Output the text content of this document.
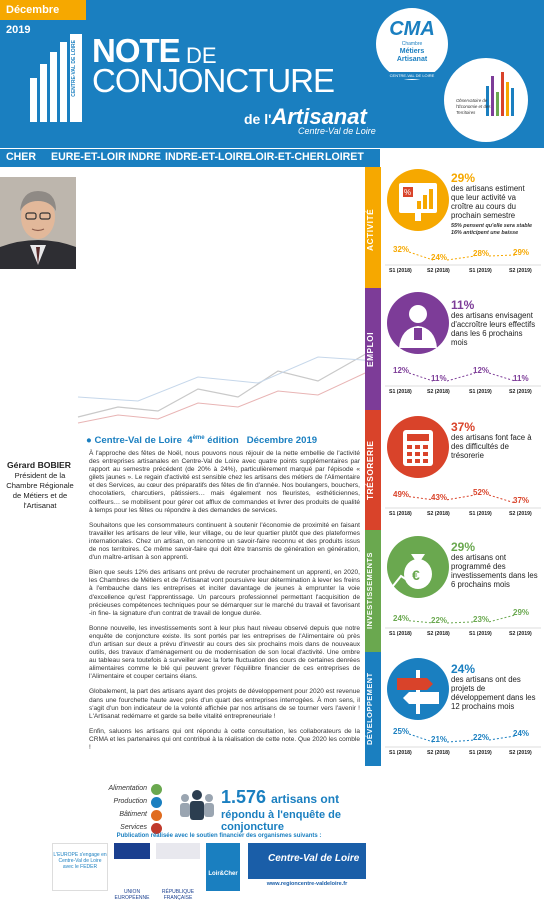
Décembre 2019
CENTRE-VAL DE LOIRE NOTE DE
CONJONCTURE
de l'Artisanat
Centre-Val de Loire
CMA
Chambre
Métiers
Artisanat
CENTRE-VAL DE LOIRE
Observatoire de l'Économie et des Territoires
CHER EURE-ET-LOIR INDRE INDRE-ET-LOIRE
LOIR-ET-CHER LOIRET
Gérard BOBIER
Président de la Chambre Régionale de Métiers et de l'Artisanat
● Centre-Val de Loire 4ème édition Décembre 2019

À l'approche des fêtes de Noël, nous pouvons nous réjouir de la nette embellie de l'activité des entreprises artisanales en Centre-Val de Loire avec quatre points supplémentaires par rapport au semestre précédent (de 20% à 24%), particulièrement marqué par l'épisode « gilets jaunes ». Le regain d'activité est sensible chez les artisans des métiers de l'Alimentaire et des Services, au cœur des préparatifs des fêtes de fin d'année. Nos boulangers, bouchers, chocolatiers, charcutiers, pâtissiers… mais également nos fleuristes, esthéticiennes, coiffeurs… se mobilisent pour gérer cet afflux de commandes et livrer des produits de qualité à temps pour les fêtes ou répondre à des demandes de services.

Souhaitons que les consommateurs continuent à soutenir l'économie de proximité en faisant travailler les artisans de leur ville, leur village, ou de leur quartier plutôt que des plateformes internationales. Chez un artisan, on rencontre un savoir-faire reconnu et des produits issus de nos territoires. Ce même savoir-faire qui doit être transmis de génération en génération, d'un maître-artisan à son apprenti.

Bien que seuls 12% des artisans ont prévu de recruter prochainement un apprenti, en 2020, les Chambres de Métiers et de l'Artisanat vont poursuivre leur détermination à lever les freins à l'embauche dans les entreprises et inciter davantage de jeunes à emprunter la voie d'excellence qu'est l'apprentissage. Un parcours professionnel permettant l'acquisition de précieuses compétences techniques pour se démarquer sur le marché du travail et favorisant -in fine- la signature d'un contrat de travail de longue durée.

Bonne nouvelle, les investissements sont à leur plus haut niveau observé depuis que notre enquête de conjoncture existe. Ils sont portés par les entreprises de l'Alimentaire où près d'un artisan sur deux a prévu d'investir au cours des six prochains mois dans de nouveaux outils, des travaux d'aménagement ou de modernisation de son local d'activité. Une ombre au tableau sera toutefois à surveiller avec la forte fluctuation des cours de certaines denrées alimentaires comme le blé qui peuvent grever l'équilibre financier de ces entreprises de l'Alimentaire et couper certains élans.

Globalement, la part des artisans ayant des projets de développement pour 2020 est revenue dans une fourchette haute avec près d'un quart des entreprises interrogées. À mon sens, il s'agit d'un bon indicateur de la volonté affichée par nos artisans de se tourner vers l'avenir ! L'Artisanat redémarre et garde sa belle vitalité entrepreneuriale !

Enfin, saluons les artisans qui ont répondu à cette consultation, les collaborateurs de la CRMA et les partenaires qui ont contribué à la réalisation de cette note. Que 2020 les comble !

Alimentation
Production
Bâtiment
Services
1.576 artisans ont
répondu à l'enquête de conjoncture
Publication réalisée avec le soutien financier des organismes suivants :
L'EUROPE s'engage en Centre-Val de Loire avec le FEDER
UNION EUROPÉENNE
RÉPUBLIQUE FRANÇAISE
Loir&Cher
Centre-Val de Loire
www.regioncentre-valdeloire.fr
ACTIVITÉ
%
29%
des artisans estiment que leur activité va croître au cours du prochain semestre
55% pensent qu'elle sera stable
16% anticipent une baisse
32%
S1 (2018)
24%
S2 (2018)
28%
S1 (2019)
29%
S2 (2019)
EMPLOI
11%
des artisans envisagent d'accroître leurs effectifs dans les 6 prochains mois
12%
S1 (2018)
11%
S2 (2018)
12%
S1 (2019)
11%
S2 (2019)
TRÉSORERIE
37%
des artisans font face à des difficultés de trésorerie
49%
S1 (2018)
43%
S2 (2018)
52%
S1 (2019)
37%
S2 (2019)
INVESTISSEMENTS	€
29%
des artisans ont programmé des investissements dans les 6 prochains mois
24%
S1 (2018)
22%
S2 (2018)
23%
S1 (2019)
29%
S2 (2019)
DÉVELOPPEMENT
24%
des artisans ont des projets de développement dans les 12 prochains mois
25%
S1 (2018)
21%
S2 (2018)
22%
S1 (2019)
24%
S2 (2019)
